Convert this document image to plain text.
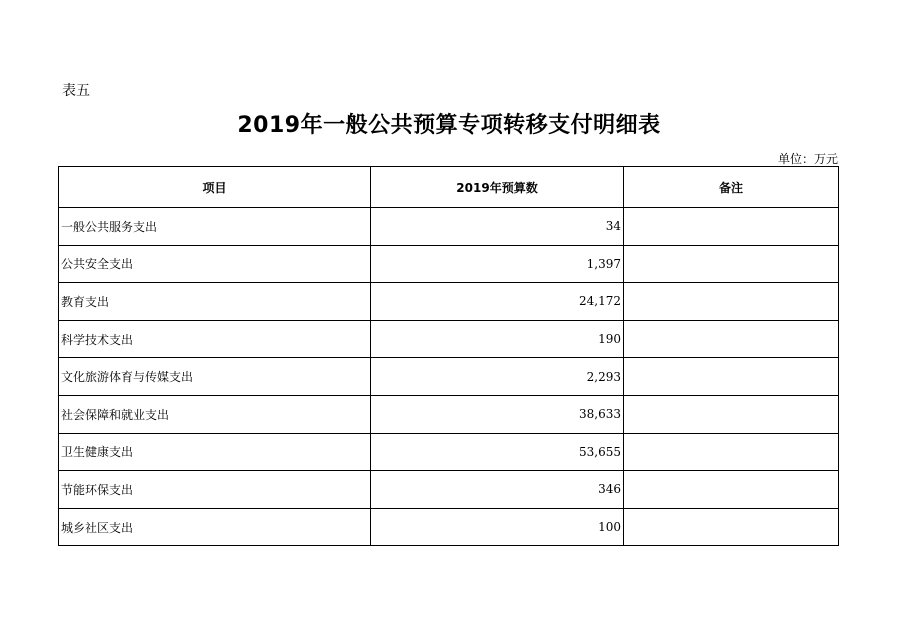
表五
2019年一般公共预算专项转移支付明细表
单位：万元
项目	2019年预算数	备注
一般公共服务支出	34	
公共安全支出	1,397	
教育支出	24,172	
科学技术支出	190	
文化旅游体育与传媒支出	2,293	
社会保障和就业支出	38,633	
卫生健康支出	53,655	
节能环保支出	346	
城乡社区支出	100	
